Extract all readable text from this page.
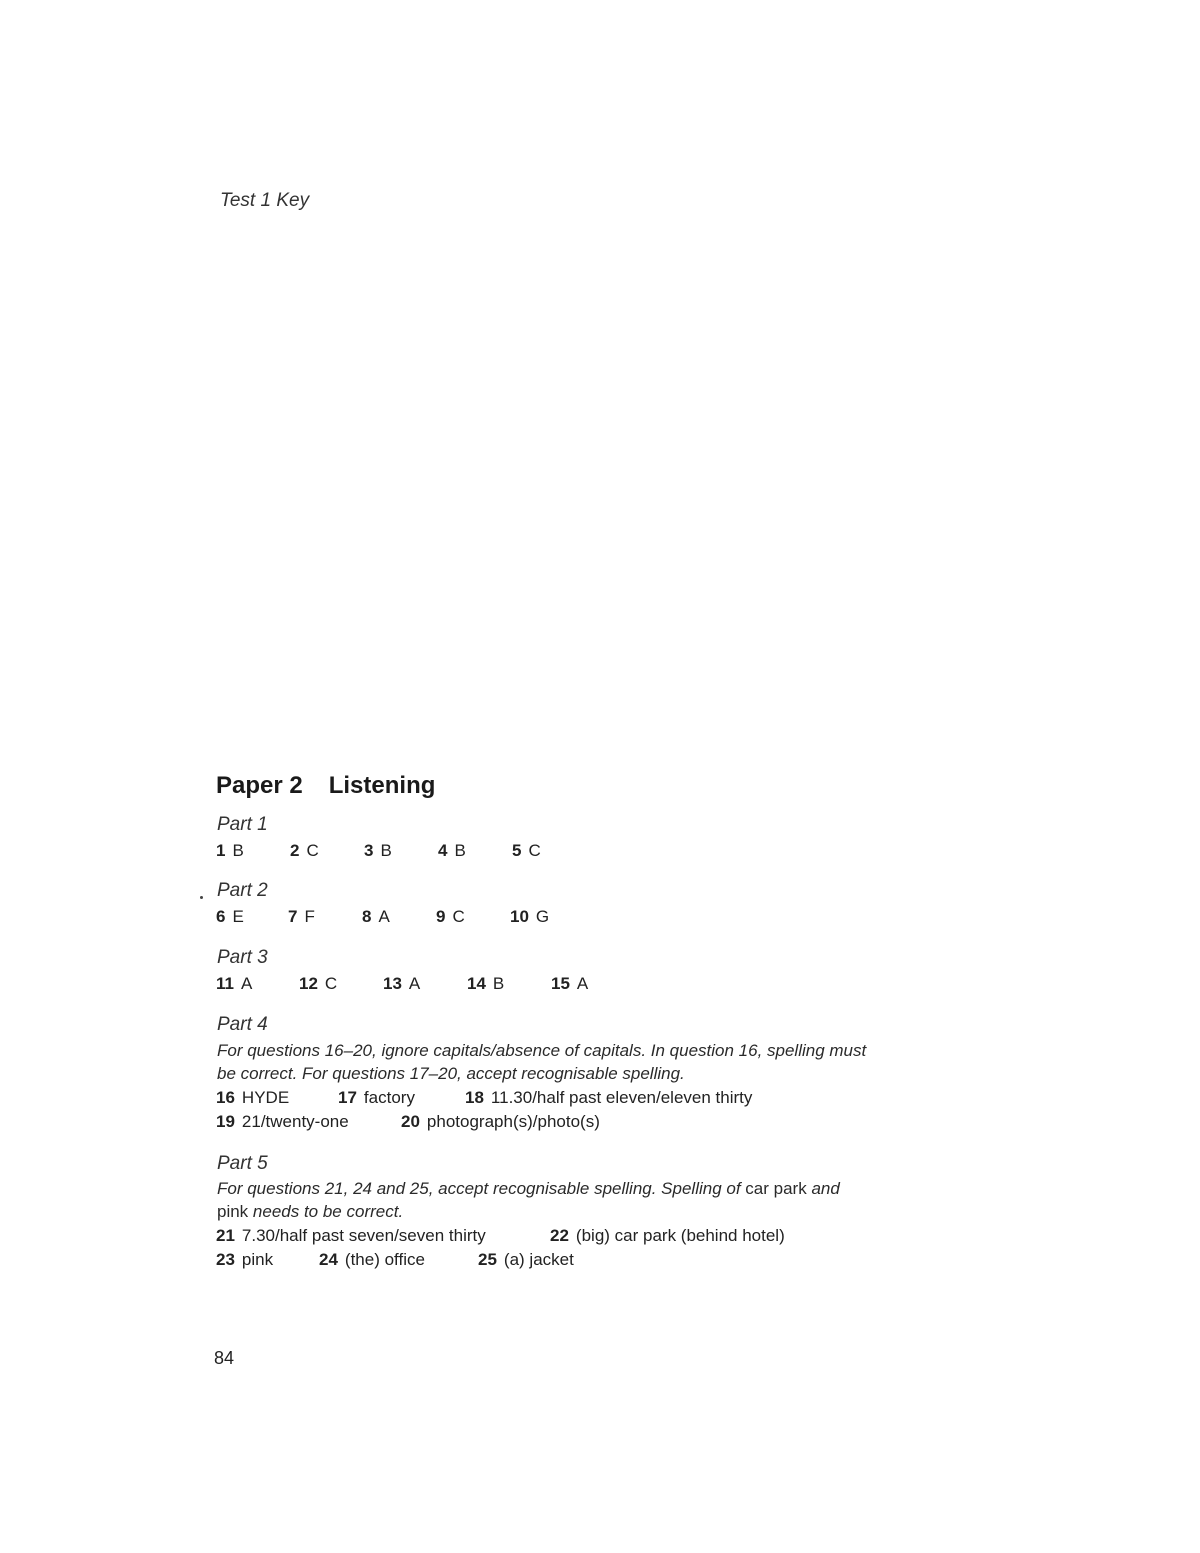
Test 1 Key
Paper 2 Listening
Part 1
1 B	2 C	3 B	4 B	5 C
Part 2
6 E	7 F	8 A	9 C	10 G
Part 3
11 A	12 C	13 A	14 B	15 A
Part 4
For questions 16–20, ignore capitals/absence of capitals. In question 16, spelling must
be correct. For questions 17–20, accept recognisable spelling.
16 HYDE	17 factory	18 11.30/half past eleven/eleven thirty
19 21/twenty-one	20 photograph(s)/photo(s)
Part 5
For questions 21, 24 and 25, accept recognisable spelling. Spelling of car park and
pink needs to be correct.
21 7.30/half past seven/seven thirty	22 (big) car park (behind hotel)
23 pink	24 (the) office	25 (a) jacket
84
